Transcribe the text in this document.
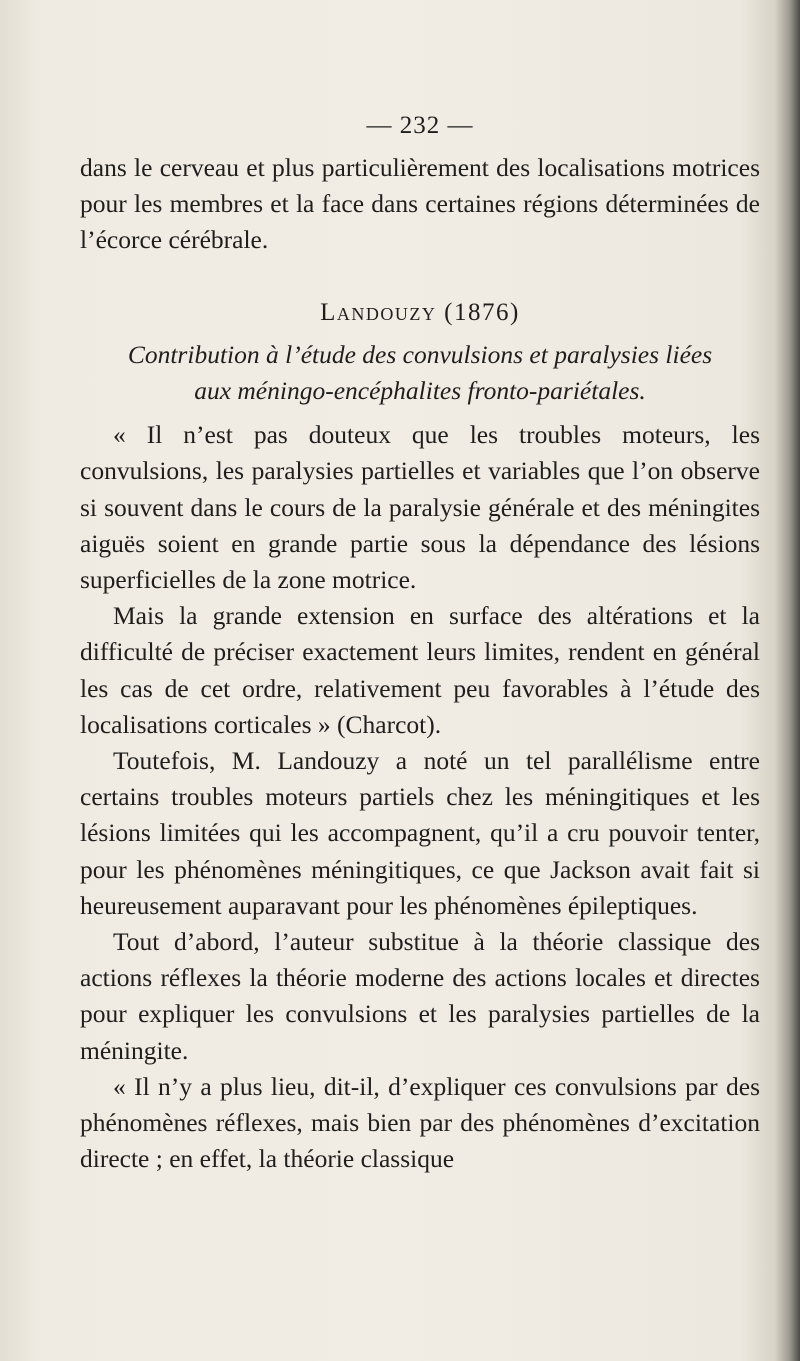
— 232 —

dans le cerveau et plus particulièrement des localisations motrices pour les membres et la face dans certaines régions déterminées de l’écorce cérébrale.

Landouzy (1876)
Contribution à l’étude des convulsions et paralysies liées
aux méningo-encéphalites fronto-pariétales.

« Il n’est pas douteux que les troubles moteurs, les convulsions, les paralysies partielles et variables que l’on observe si souvent dans le cours de la paralysie générale et des méningites aiguës soient en grande partie sous la dépendance des lésions superficielles de la zone motrice.

Mais la grande extension en surface des altérations et la difficulté de préciser exactement leurs limites, rendent en général les cas de cet ordre, relativement peu favorables à l’étude des localisations corticales » (Charcot).

Toutefois, M. Landouzy a noté un tel parallélisme entre certains troubles moteurs partiels chez les méningitiques et les lésions limitées qui les accompagnent, qu’il a cru pouvoir tenter, pour les phénomènes méningitiques, ce que Jackson avait fait si heureusement auparavant pour les phénomènes épileptiques.

Tout d’abord, l’auteur substitue à la théorie classique des actions réflexes la théorie moderne des actions locales et directes pour expliquer les convulsions et les paralysies partielles de la méningite.

« Il n’y a plus lieu, dit-il, d’expliquer ces convulsions par des phénomènes réflexes, mais bien par des phénomènes d’excitation directe ; en effet, la théorie classique
